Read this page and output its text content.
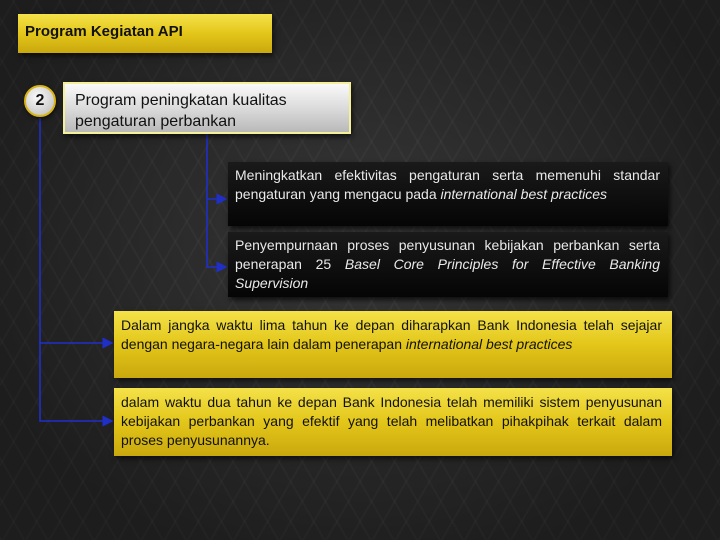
Program Kegiatan API
2	Program peningkatan kualitas pengaturan perbankan
Meningkatkan efektivitas pengaturan serta memenuhi standar pengaturan yang mengacu pada international best practices
Penyempurnaan proses penyusunan kebijakan perbankan serta penerapan 25 Basel Core Principles for Effective Banking Supervision
Dalam jangka waktu lima tahun ke depan diharapkan Bank Indonesia telah sejajar dengan negara-negara lain dalam penerapan international best practices
dalam waktu dua tahun ke depan Bank Indonesia telah memiliki sistem penyusunan kebijakan perbankan yang efektif yang telah melibatkan pihakpihak terkait dalam proses penyusunannya.
